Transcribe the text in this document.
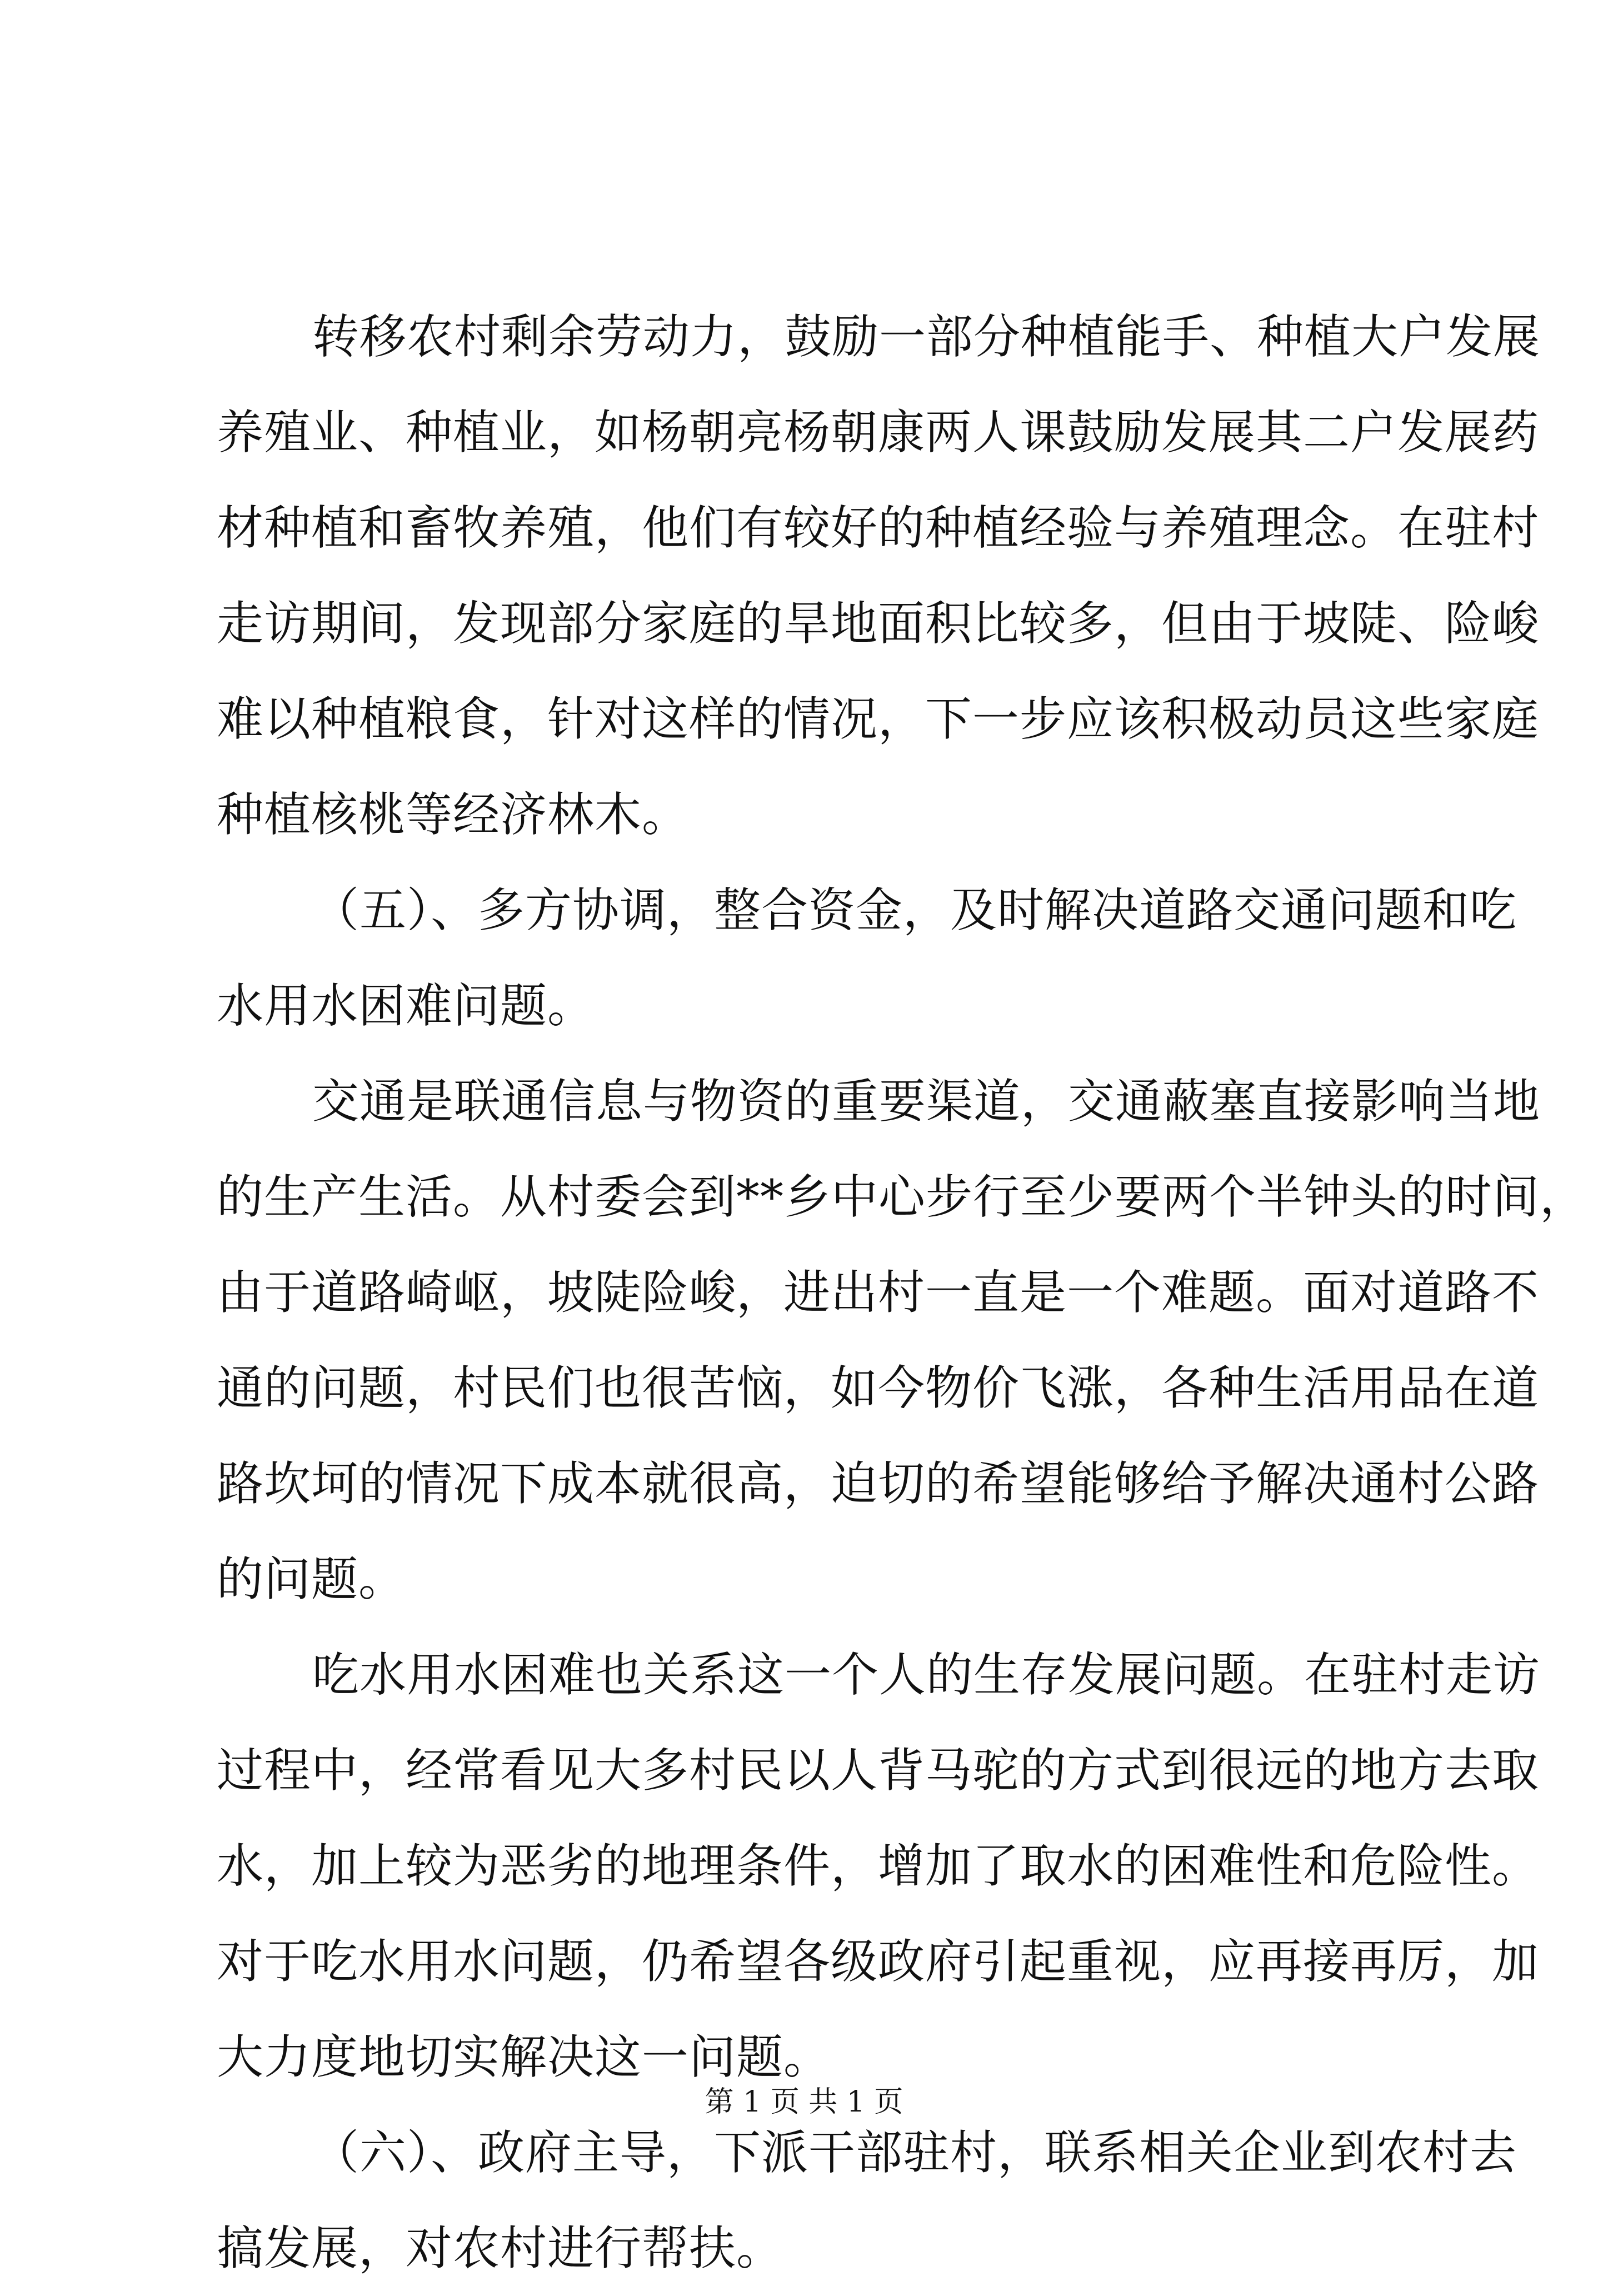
转移农村剩余劳动力，鼓励一部分种植能手、种植大户发展
养殖业、种植业，如杨朝亮杨朝康两人课鼓励发展其二户发展药
材种植和畜牧养殖，他们有较好的种植经验与养殖理念。在驻村
走访期间，发现部分家庭的旱地面积比较多，但由于坡陡、险峻
难以种植粮食，针对这样的情况，下一步应该积极动员这些家庭
种植核桃等经济林木。
（五）、多方协调，整合资金，及时解决道路交通问题和吃
水用水困难问题。
交通是联通信息与物资的重要渠道，交通蔽塞直接影响当地
的生产生活。从村委会到**乡中心步行至少要两个半钟头的时间，
由于道路崎岖，坡陡险峻，进出村一直是一个难题。面对道路不
通的问题，村民们也很苦恼，如今物价飞涨，各种生活用品在道
路坎坷的情况下成本就很高，迫切的希望能够给予解决通村公路
的问题。
吃水用水困难也关系这一个人的生存发展问题。在驻村走访
过程中，经常看见大多村民以人背马驼的方式到很远的地方去取
水，加上较为恶劣的地理条件，增加了取水的困难性和危险性。
对于吃水用水问题，仍希望各级政府引起重视，应再接再厉，加
大力度地切实解决这一问题。
（六）、政府主导，下派干部驻村，联系相关企业到农村去
搞发展，对农村进行帮扶。
第 1 页 共 1 页
